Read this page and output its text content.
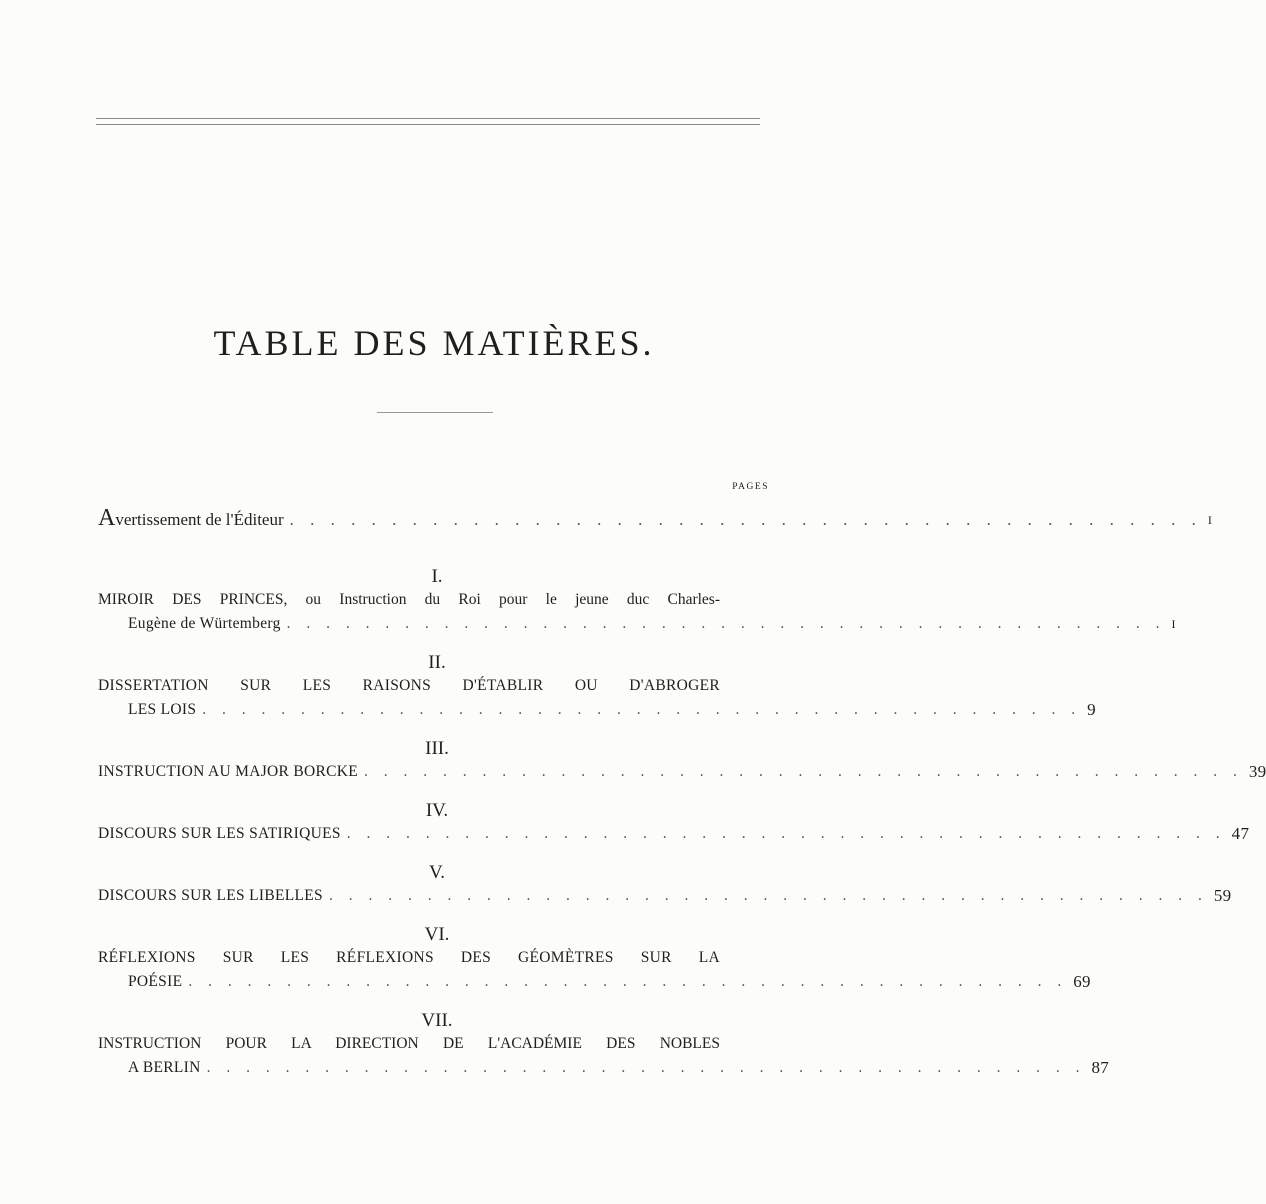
TABLE DES MATIÈRES.
PAGES
Avertissement de l'Éditeur . . . . . . . . . . . . . . . . . . . . . . . . . . . . . . . . . . . . . . . . . . . . . I
I.
MIROIR DES PRINCES, ou Instruction du Roi pour le jeune duc Charles-
Eugène de Würtemberg . . . . . . . . . . . . . . . . . . . . . . . . . . . . . . . . . . . . . . . . . . . . . I
II.
DISSERTATION SUR LES RAISONS D'ÉTABLIR OU D'ABROGER
LES LOIS . . . . . . . . . . . . . . . . . . . . . . . . . . . . . . . . . . . . . . . . . . . . . 9
III.
INSTRUCTION AU MAJOR BORCKE . . . . . . . . . . . . . . . . . . . . . . . . . . . . . . . . . . . . . . . . . . . . . 39
IV.
DISCOURS SUR LES SATIRIQUES . . . . . . . . . . . . . . . . . . . . . . . . . . . . . . . . . . . . . . . . . . . . . 47
V.
DISCOURS SUR LES LIBELLES . . . . . . . . . . . . . . . . . . . . . . . . . . . . . . . . . . . . . . . . . . . . . 59
VI.
RÉFLEXIONS SUR LES RÉFLEXIONS DES GÉOMÈTRES SUR LA
POÉSIE . . . . . . . . . . . . . . . . . . . . . . . . . . . . . . . . . . . . . . . . . . . . . 69
VII.
INSTRUCTION POUR LA DIRECTION DE L'ACADÉMIE DES NOBLES
A BERLIN . . . . . . . . . . . . . . . . . . . . . . . . . . . . . . . . . . . . . . . . . . . . . 87
